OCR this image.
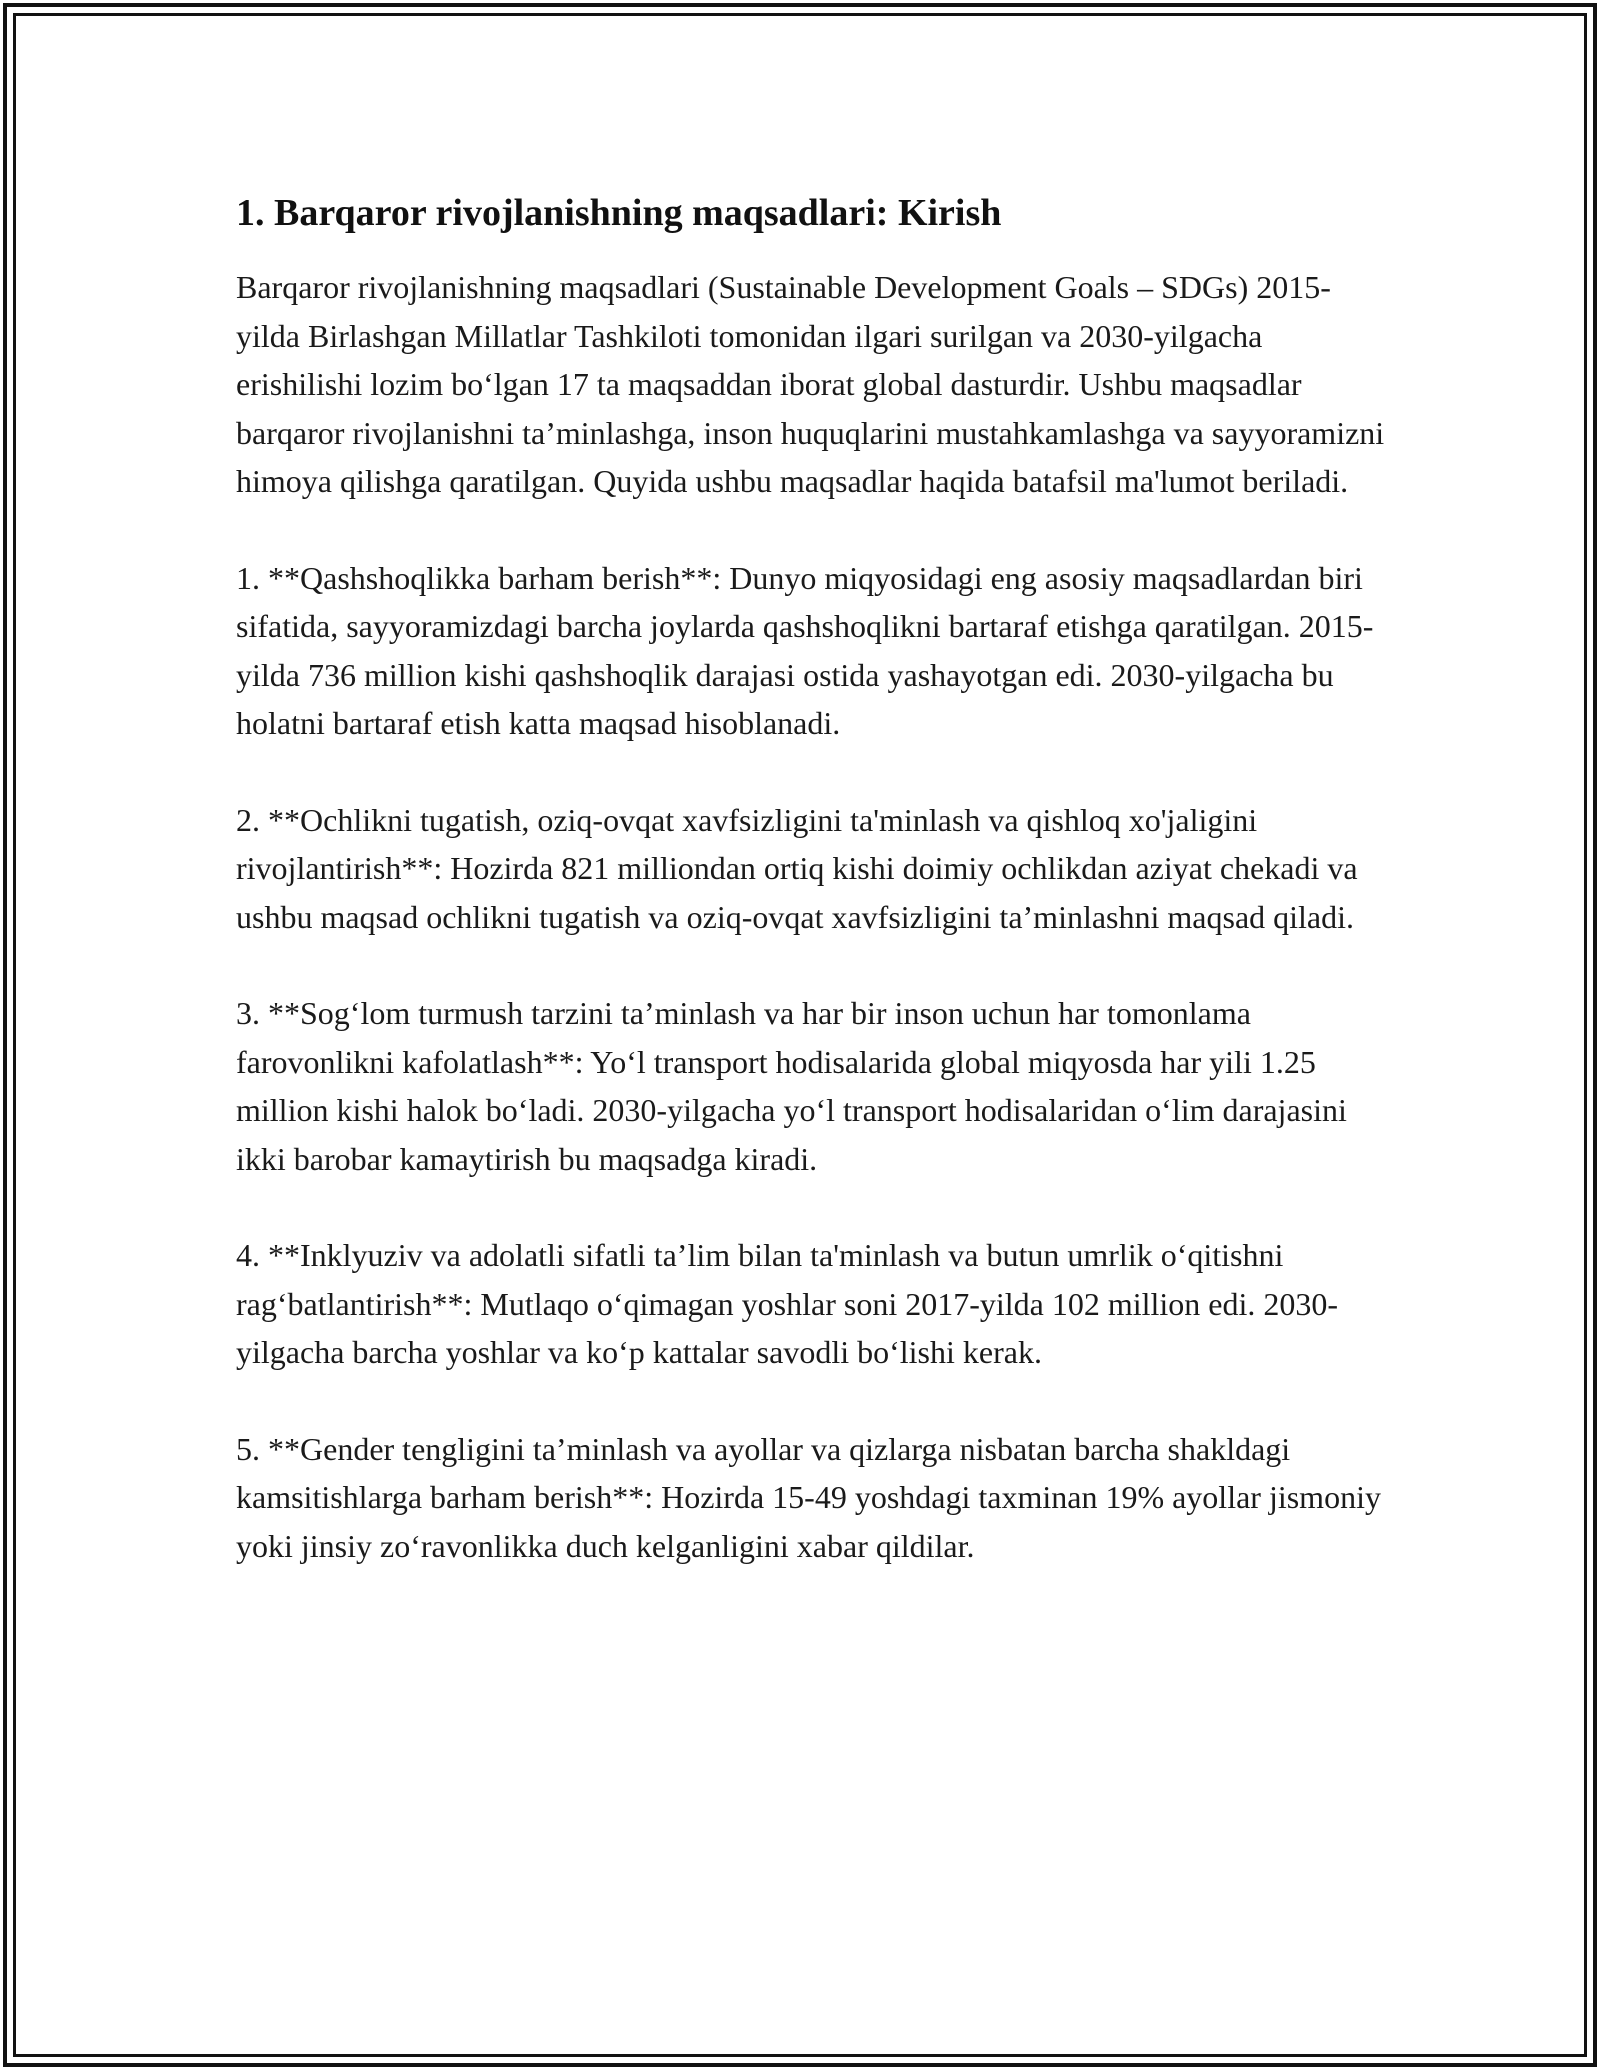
1. Barqaror rivojlanishning maqsadlari: Kirish

Barqaror rivojlanishning maqsadlari (Sustainable Development Goals – SDGs) 2015-yilda Birlashgan Millatlar Tashkiloti tomonidan ilgari surilgan va 2030-yilgacha erishilishi lozim bo‘lgan 17 ta maqsaddan iborat global dasturdir. Ushbu maqsadlar barqaror rivojlanishni ta’minlashga, inson huquqlarini mustahkamlashga va sayyoramizni himoya qilishga qaratilgan. Quyida ushbu maqsadlar haqida batafsil ma'lumot beriladi.

1. **Qashshoqlikka barham berish**: Dunyo miqyosidagi eng asosiy maqsadlardan biri sifatida, sayyoramizdagi barcha joylarda qashshoqlikni bartaraf etishga qaratilgan. 2015-yilda 736 million kishi qashshoqlik darajasi ostida yashayotgan edi. 2030-yilgacha bu holatni bartaraf etish katta maqsad hisoblanadi.

2. **Ochlikni tugatish, oziq-ovqat xavfsizligini ta'minlash va qishloq xo'jaligini rivojlantirish**: Hozirda 821 milliondan ortiq kishi doimiy ochlikdan aziyat chekadi va ushbu maqsad ochlikni tugatish va oziq-ovqat xavfsizligini ta’minlashni maqsad qiladi.

3. **Sog‘lom turmush tarzini ta’minlash va har bir inson uchun har tomonlama farovonlikni kafolatlash**: Yo‘l transport hodisalarida global miqyosda har yili 1.25 million kishi halok bo‘ladi. 2030-yilgacha yo‘l transport hodisalaridan o‘lim darajasini ikki barobar kamaytirish bu maqsadga kiradi.

4. **Inklyuziv va adolatli sifatli ta’lim bilan ta'minlash va butun umrlik o‘qitishni rag‘batlantirish**: Mutlaqo o‘qimagan yoshlar soni 2017-yilda 102 million edi. 2030-yilgacha barcha yoshlar va ko‘p kattalar savodli bo‘lishi kerak.

5. **Gender tengligini ta’minlash va ayollar va qizlarga nisbatan barcha shakldagi kamsitishlarga barham berish**: Hozirda 15-49 yoshdagi taxminan 19% ayollar jismoniy yoki jinsiy zo‘ravonlikka duch kelganligini xabar qildilar.
